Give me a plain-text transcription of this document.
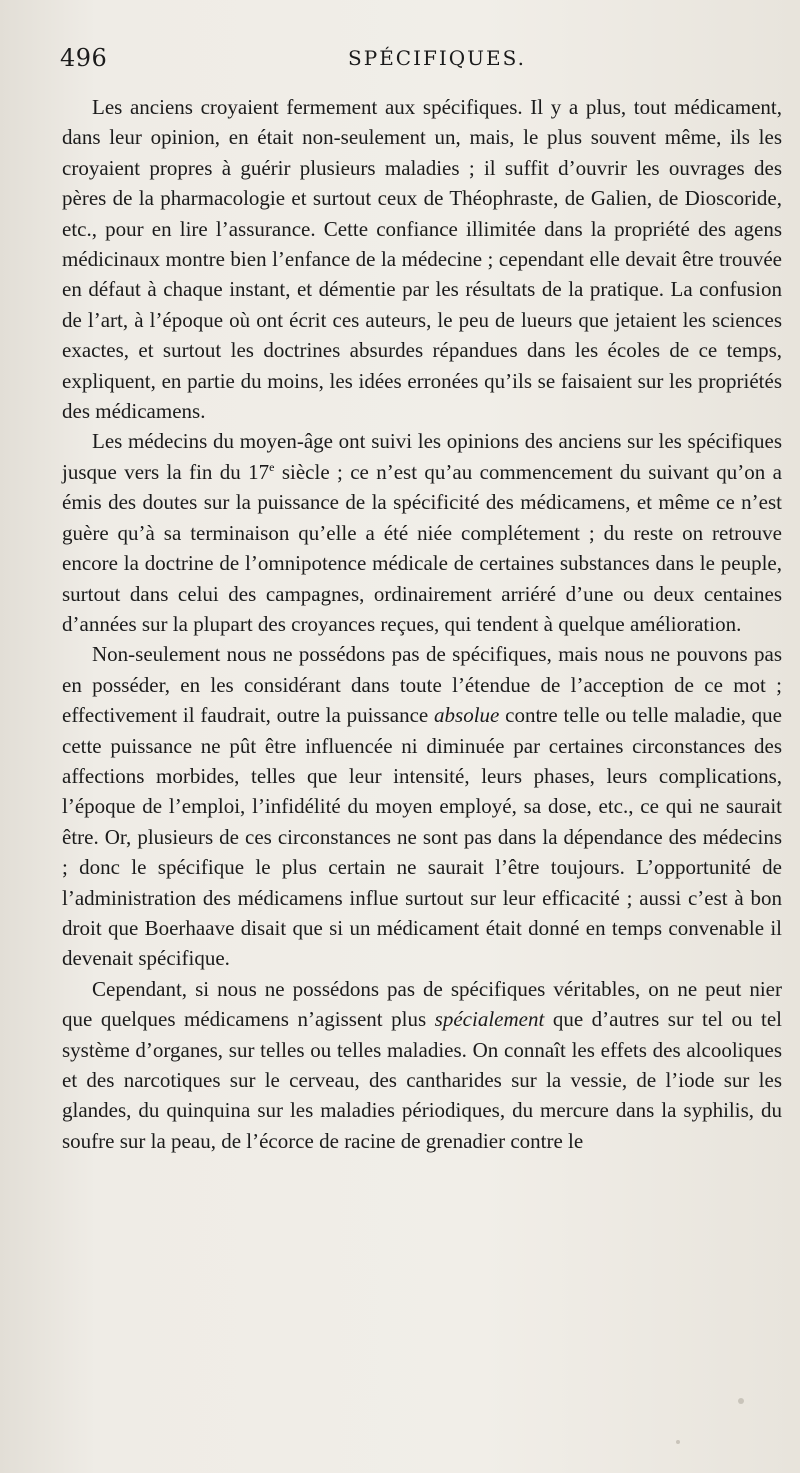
496	SPÉCIFIQUES.

Les anciens croyaient fermement aux spécifiques. Il y a plus, tout médicament, dans leur opinion, en était non-seulement un, mais, le plus souvent même, ils les croyaient propres à guérir plusieurs maladies ; il suffit d’ouvrir les ouvrages des pères de la pharmacologie et surtout ceux de Théophraste, de Galien, de Dioscoride, etc., pour en lire l’assurance. Cette confiance illimitée dans la propriété des agens médicinaux montre bien l’enfance de la médecine ; cependant elle devait être trouvée en défaut à chaque instant, et démentie par les résultats de la pratique. La confusion de l’art, à l’époque où ont écrit ces auteurs, le peu de lueurs que jetaient les sciences exactes, et surtout les doctrines absurdes répandues dans les écoles de ce temps, expliquent, en partie du moins, les idées erronées qu’ils se faisaient sur les propriétés des médicamens.

Les médecins du moyen-âge ont suivi les opinions des anciens sur les spécifiques jusque vers la fin du 17e siècle ; ce n’est qu’au commencement du suivant qu’on a émis des doutes sur la puissance de la spécificité des médicamens, et même ce n’est guère qu’à sa terminaison qu’elle a été niée complétement ; du reste on retrouve encore la doctrine de l’omnipotence médicale de certaines substances dans le peuple, surtout dans celui des campagnes, ordinairement arriéré d’une ou deux centaines d’années sur la plupart des croyances reçues, qui tendent à quelque amélioration.

Non-seulement nous ne possédons pas de spécifiques, mais nous ne pouvons pas en posséder, en les considérant dans toute l’étendue de l’acception de ce mot ; effectivement il faudrait, outre la puissance absolue contre telle ou telle maladie, que cette puissance ne pût être influencée ni diminuée par certaines circonstances des affections morbides, telles que leur intensité, leurs phases, leurs complications, l’époque de l’emploi, l’infidélité du moyen employé, sa dose, etc., ce qui ne saurait être. Or, plusieurs de ces circonstances ne sont pas dans la dépendance des médecins ; donc le spécifique le plus certain ne saurait l’être toujours. L’opportunité de l’administration des médicamens influe surtout sur leur efficacité ; aussi c’est à bon droit que Boerhaave disait que si un médicament était donné en temps convenable il devenait spécifique.

Cependant, si nous ne possédons pas de spécifiques véritables, on ne peut nier que quelques médicamens n’agissent plus spécialement que d’autres sur tel ou tel système d’organes, sur telles ou telles maladies. On connaît les effets des alcooliques et des narcotiques sur le cerveau, des cantharides sur la vessie, de l’iode sur les glandes, du quinquina sur les maladies périodiques, du mercure dans la syphilis, du soufre sur la peau, de l’écorce de racine de grenadier contre le
